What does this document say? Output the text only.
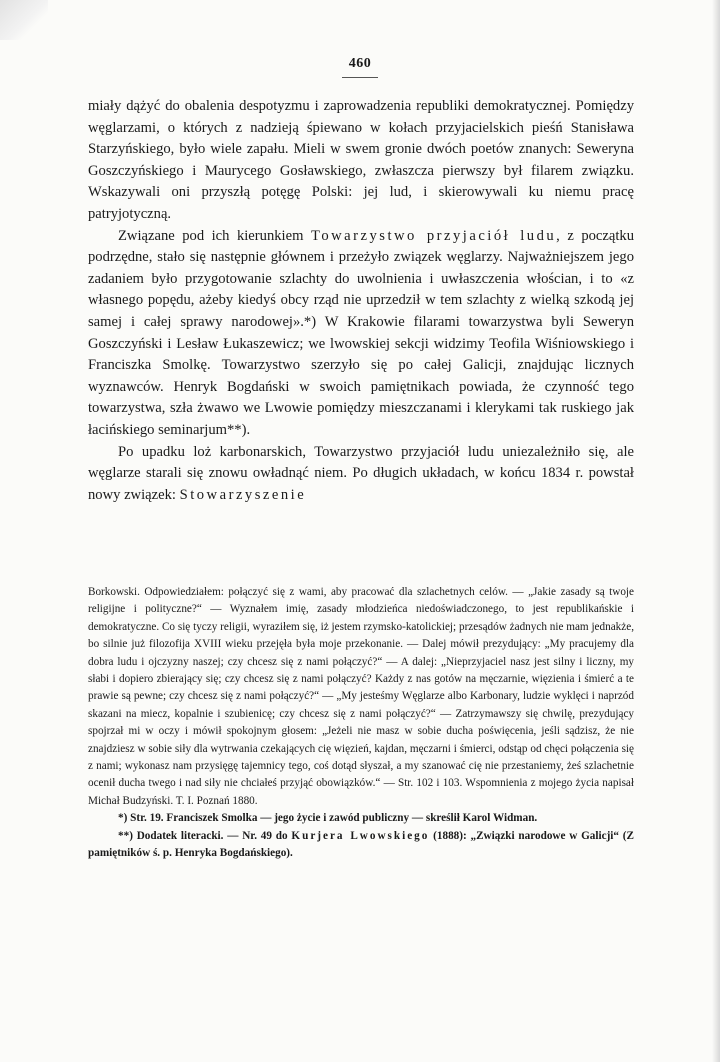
460

miały dążyć do obalenia despotyzmu i zaprowadzenia republiki demokratycznej. Pomiędzy węglarzami, o których z nadzieją śpiewano w kołach przyjacielskich pieśń Stanisława Starzyńskiego, było wiele zapału. Mieli w swem gronie dwóch poetów znanych: Seweryna Goszczyńskiego i Maurycego Gosławskiego, zwłaszcza pierwszy był filarem związku. Wskazywali oni przyszłą potęgę Polski: jej lud, i skierowywali ku niemu pracę patryjotyczną.

Związane pod ich kierunkiem Towarzystwo przyjaciół ludu, z początku podrzędne, stało się następnie głównem i przeżyło związek węglarzy. Najważniejszem jego zadaniem było przygotowanie szlachty do uwolnienia i uwłaszczenia włościan, i to «z własnego popędu, ażeby kiedyś obcy rząd nie uprzedził w tem szlachty z wielką szkodą jej samej i całej sprawy narodowej».*) W Krakowie filarami towarzystwa byli Seweryn Goszczyński i Lesław Łukaszewicz; we lwowskiej sekcji widzimy Teofila Wiśniowskiego i Franciszka Smolkę. Towarzystwo szerzyło się po całej Galicji, znajdując licznych wyznawców. Henryk Bogdański w swoich pamiętnikach powiada, że czynność tego towarzystwa, szła żwawo we Lwowie pomiędzy mieszczanami i klerykami tak ruskiego jak łacińskiego seminarjum**).

Po upadku loż karbonarskich, Towarzystwo przyjaciół ludu uniezależniło się, ale węglarze starali się znowu owładnąć niem. Po długich układach, w końcu 1834 r. powstał nowy związek: Stowarzyszenie

Borkowski. Odpowiedziałem: połączyć się z wami, aby pracować dla szlachetnych celów. — „Jakie zasady są twoje religijne i polityczne?“ — Wyznałem imię, zasady młodzieńca niedoświadczonego, to jest republikańskie i demokratyczne. Co się tyczy religii, wyraziłem się, iż jestem rzymsko-katolickiej; przesądów żadnych nie mam jednakże, bo silnie już filozofija XVIII wieku przejęła była moje przekonanie. — Dalej mówił prezydujący: „My pracujemy dla dobra ludu i ojczyzny naszej; czy chcesz się z nami połączyć?“ — A dalej: „Nieprzyjaciel nasz jest silny i liczny, my słabi i dopiero zbierający się; czy chcesz się z nami połączyć? Każdy z nas gotów na męczarnie, więzienia i śmierć a te prawie są pewne; czy chcesz się z nami połączyć?“ — „My jesteśmy Węglarze albo Karbonary, ludzie wyklęci i naprzód skazani na miecz, kopalnie i szubienicę; czy chcesz się z nami połączyć?“ — Zatrzymawszy się chwilę, prezydujący spojrzał mi w oczy i mówił spokojnym głosem: „Jeżeli nie masz w sobie ducha poświęcenia, jeśli sądzisz, że nie znajdziesz w sobie siły dla wytrwania czekających cię więzień, kajdan, męczarni i śmierci, odstąp od chęci połączenia się z nami; wykonasz nam przysięgę tajemnicy tego, coś dotąd słyszał, a my szanować cię nie przestaniemy, żeś szlachetnie ocenił ducha twego i nad siły nie chciałeś przyjąć obowiązków.“ — Str. 102 i 103. Wspomnienia z mojego życia napisał Michał Budzyński. T. I. Poznań 1880.

*) Str. 19. Franciszek Smolka — jego życie i zawód publiczny — skreślił Karol Widman.

**) Dodatek literacki. — Nr. 49 do Kurjera Lwowskiego (1888): „Związki narodowe w Galicji“ (Z pamiętników ś. p. Henryka Bogdańskiego).
